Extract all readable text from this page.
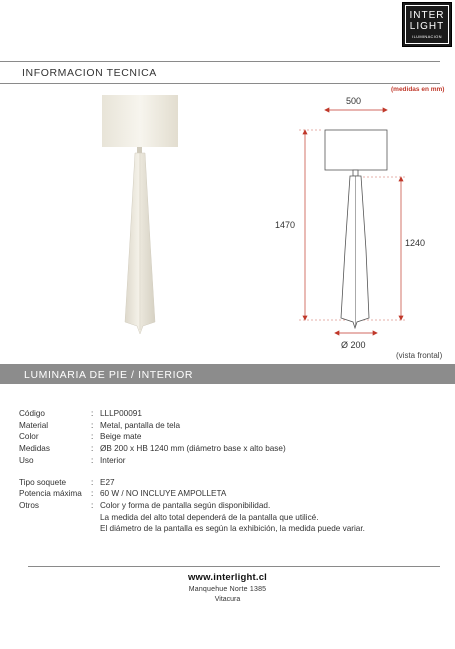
INTER
LIGHT
ILUMINACION
INFORMACION TECNICA
(medidas en mm)
500
1470
1240
Ø 200
(vista frontal)
LUMINARIA DE PIE / INTERIOR
Código	: LLLP00091
Material	: Metal, pantalla de tela
Color	: Beige mate
Medidas	: ØB 200 x HB 1240 mm (diámetro base x alto base)
Uso	: Interior
Tipo soquete	: E27
Potencia máxima	: 60 W / NO INCLUYE AMPOLLETA
Otros	: Color y forma de pantalla según disponibilidad.
La medida del alto total dependerá de la pantalla que utilicé.
El diámetro de la pantalla es según la exhibición, la medida puede variar.
www.interlight.cl
Manquehue Norte 1385
Vitacura
